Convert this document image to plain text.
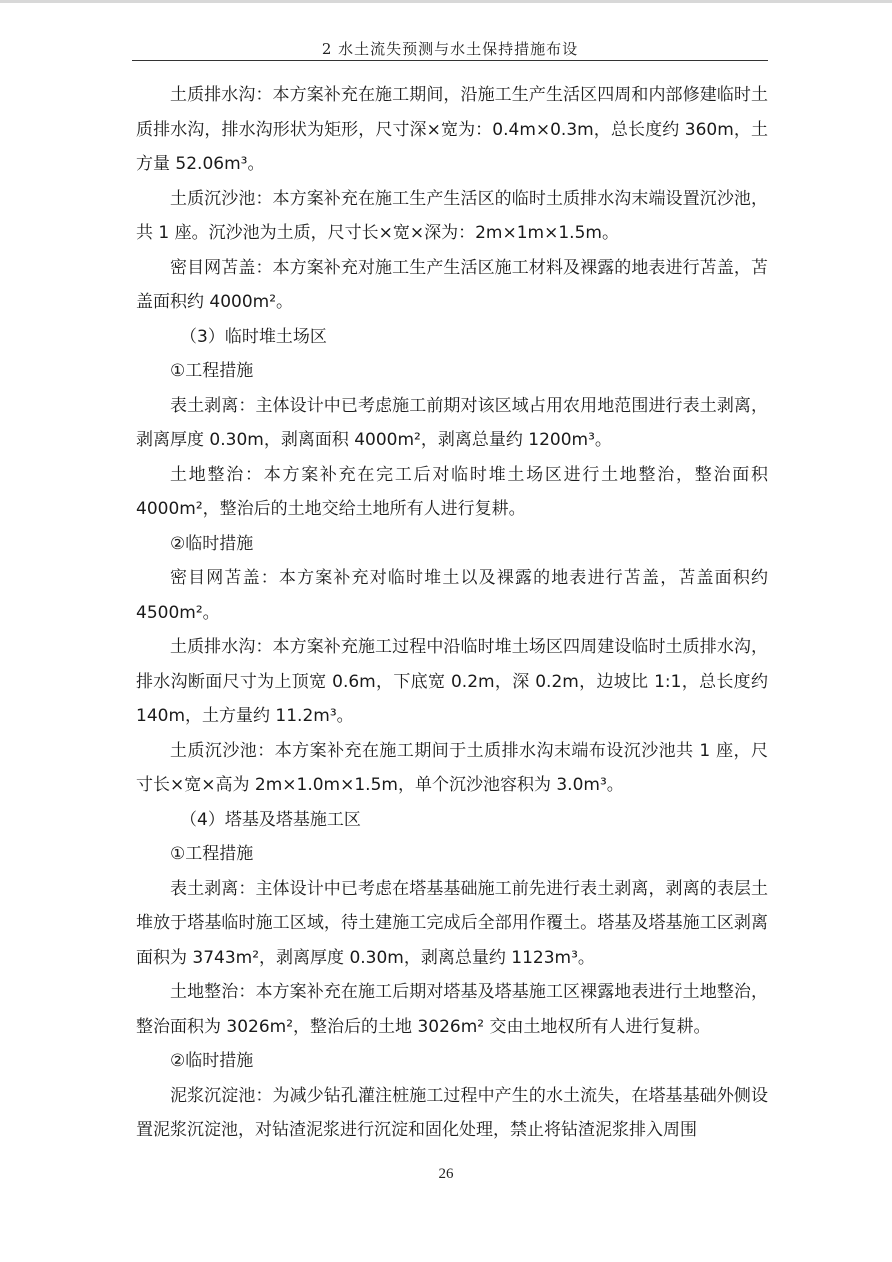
2 水土流失预测与水土保持措施布设

土质排水沟：本方案补充在施工期间，沿施工生产生活区四周和内部修建临时土质排水沟，排水沟形状为矩形，尺寸深×宽为：0.4m×0.3m，总长度约 360m，土方量 52.06m³。

土质沉沙池：本方案补充在施工生产生活区的临时土质排水沟末端设置沉沙池，共 1 座。沉沙池为土质，尺寸长×宽×深为：2m×1m×1.5m。

密目网苫盖：本方案补充对施工生产生活区施工材料及裸露的地表进行苫盖，苫盖面积约 4000m²。

（3）临时堆土场区

①工程措施

表土剥离：主体设计中已考虑施工前期对该区域占用农用地范围进行表土剥离，剥离厚度 0.30m，剥离面积 4000m²，剥离总量约 1200m³。

土地整治：本方案补充在完工后对临时堆土场区进行土地整治，整治面积 4000m²，整治后的土地交给土地所有人进行复耕。

②临时措施

密目网苫盖：本方案补充对临时堆土以及裸露的地表进行苫盖，苫盖面积约 4500m²。

土质排水沟：本方案补充施工过程中沿临时堆土场区四周建设临时土质排水沟，排水沟断面尺寸为上顶宽 0.6m，下底宽 0.2m，深 0.2m，边坡比 1:1，总长度约 140m，土方量约 11.2m³。

土质沉沙池：本方案补充在施工期间于土质排水沟末端布设沉沙池共 1 座，尺寸长×宽×高为 2m×1.0m×1.5m，单个沉沙池容积为 3.0m³。

（4）塔基及塔基施工区

①工程措施

表土剥离：主体设计中已考虑在塔基基础施工前先进行表土剥离，剥离的表层土堆放于塔基临时施工区域，待土建施工完成后全部用作覆土。塔基及塔基施工区剥离面积为 3743m²，剥离厚度 0.30m，剥离总量约 1123m³。

土地整治：本方案补充在施工后期对塔基及塔基施工区裸露地表进行土地整治，整治面积为 3026m²，整治后的土地 3026m² 交由土地权所有人进行复耕。

②临时措施

泥浆沉淀池：为减少钻孔灌注桩施工过程中产生的水土流失，在塔基基础外侧设置泥浆沉淀池，对钻渣泥浆进行沉淀和固化处理，禁止将钻渣泥浆排入周围

26
